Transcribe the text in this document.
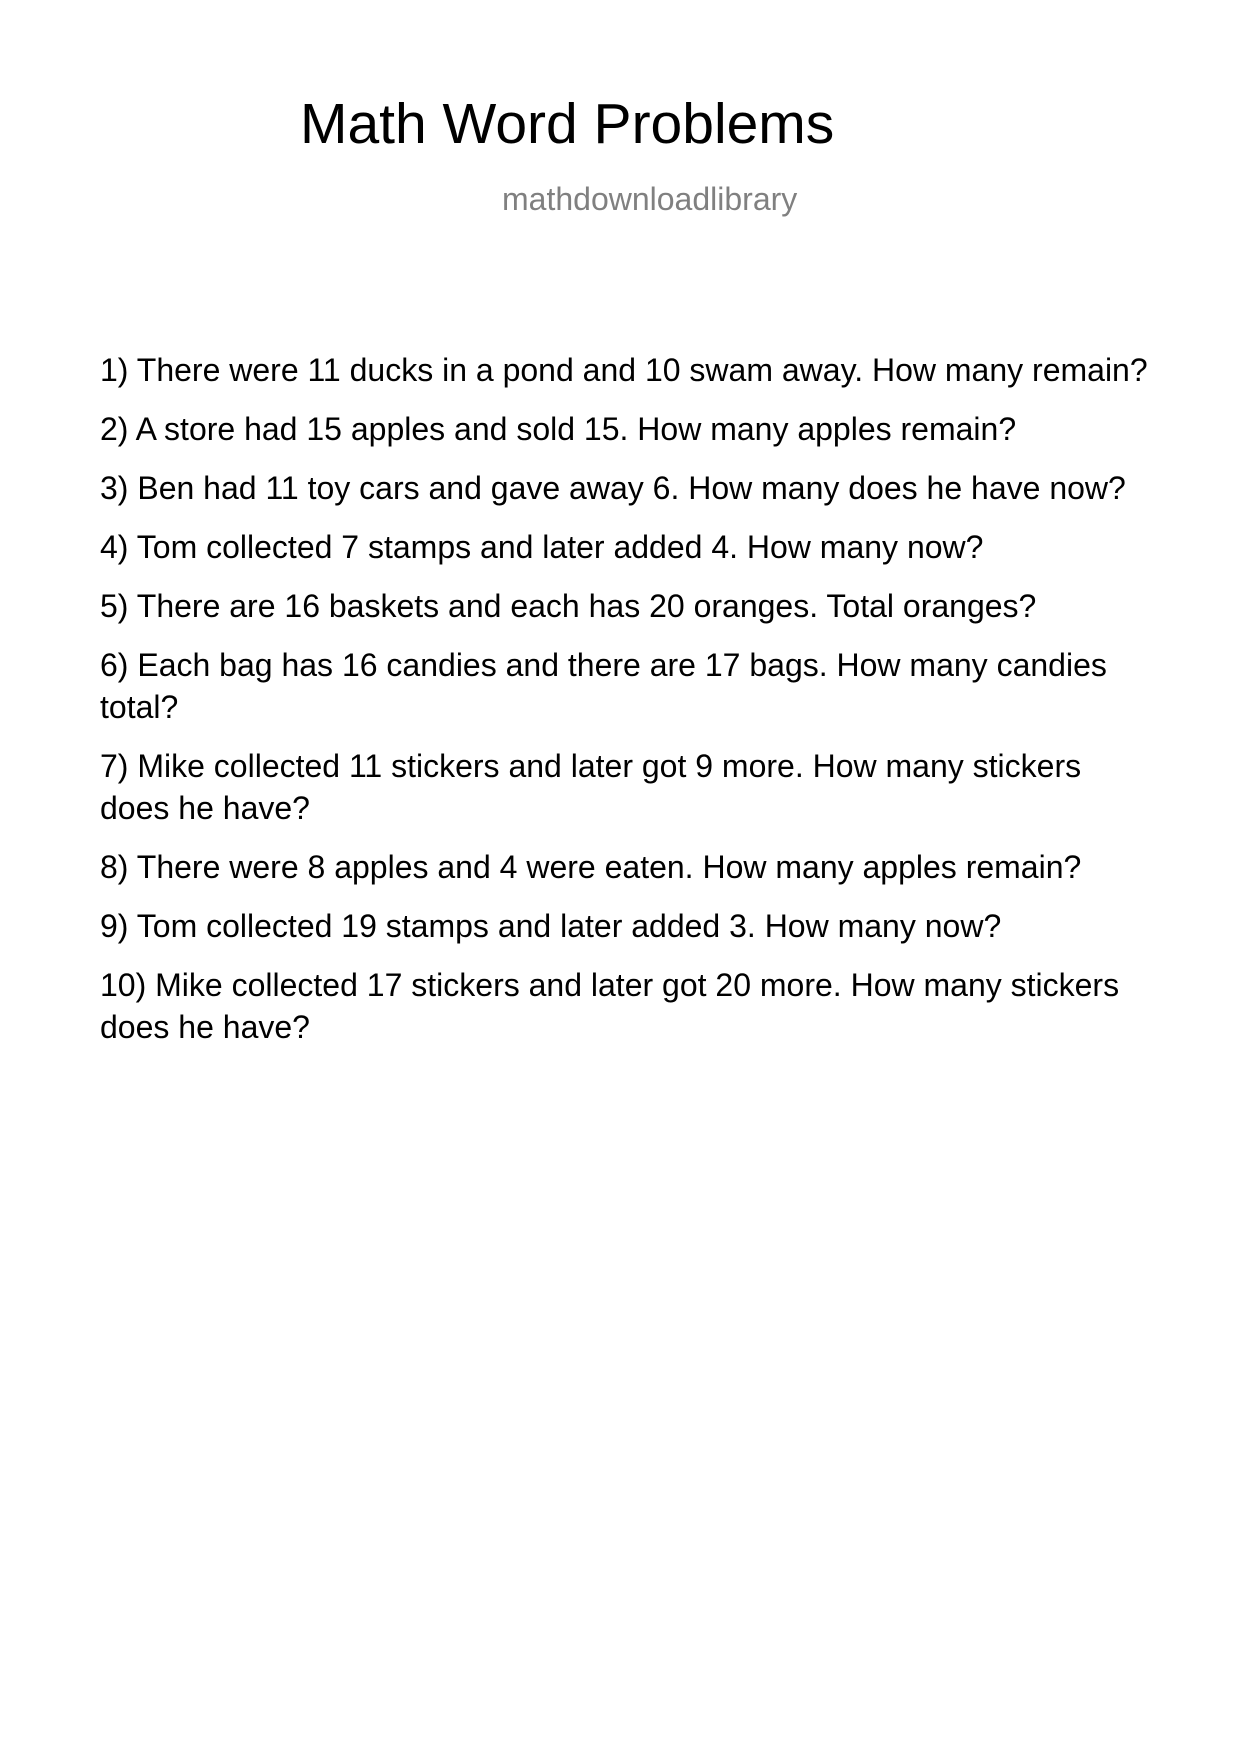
Math Word Problems
mathdownloadlibrary
1) There were 11 ducks in a pond and 10 swam away. How many remain?
2) A store had 15 apples and sold 15. How many apples remain?
3) Ben had 11 toy cars and gave away 6. How many does he have now?
4) Tom collected 7 stamps and later added 4. How many now?
5) There are 16 baskets and each has 20 oranges. Total oranges?
6) Each bag has 16 candies and there are 17 bags. How many candies total?
7) Mike collected 11 stickers and later got 9 more. How many stickers does he have?
8) There were 8 apples and 4 were eaten. How many apples remain?
9) Tom collected 19 stamps and later added 3. How many now?
10) Mike collected 17 stickers and later got 20 more. How many stickers does he have?
